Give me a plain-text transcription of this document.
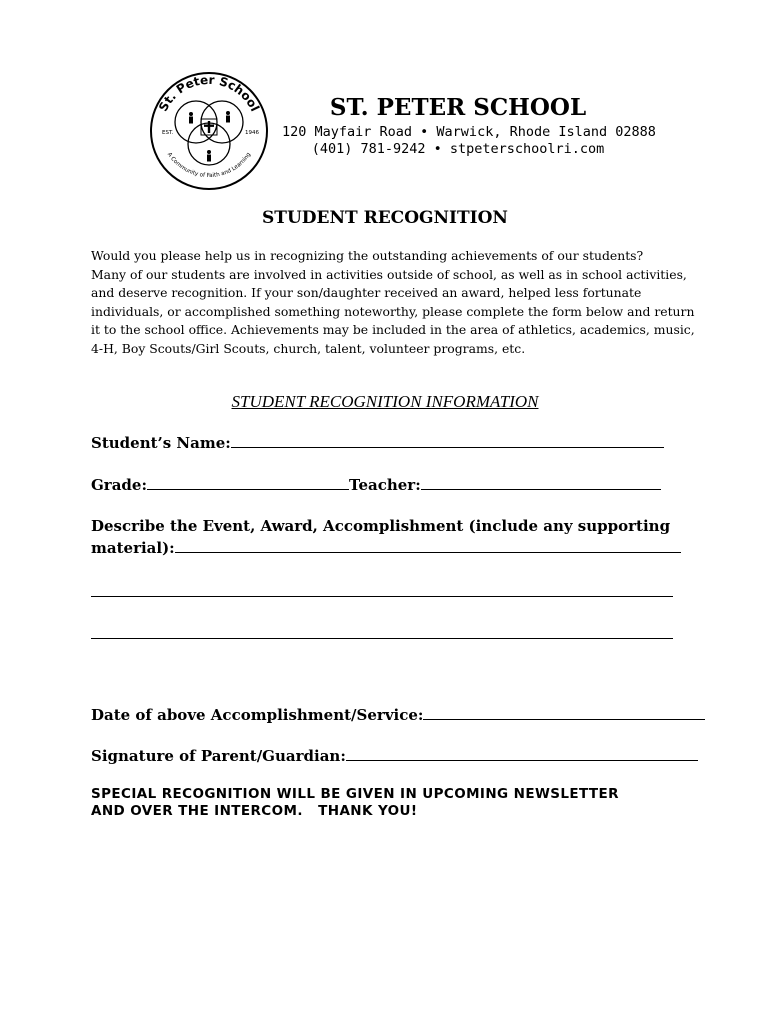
St. Peter School
A Community of Faith and Learning
EST.	1946
ST. PETER SCHOOL
120 Mayfair Road • Warwick, Rhode Island 02888
(401) 781-9242 • stpeterschoolri.com
STUDENT RECOGNITION
Would you please help us in recognizing the outstanding achievements of our students?
Many of our students are involved in activities outside of school, as well as in school activities,
and deserve recognition. If your son/daughter received an award, helped less fortunate
individuals, or accomplished something noteworthy, please complete the form below and return
it to the school office. Achievements may be included in the area of athletics, academics, music,
4-H, Boy Scouts/Girl Scouts, church, talent, volunteer programs, etc.
STUDENT RECOGNITION INFORMATION
Student’s Name:
Grade:	Teacher:
Describe the Event, Award, Accomplishment (include any supporting
material):
Date of above Accomplishment/Service:
Signature of Parent/Guardian:
SPECIAL RECOGNITION WILL BE GIVEN IN UPCOMING NEWSLETTER
AND OVER THE INTERCOM.   THANK YOU!
